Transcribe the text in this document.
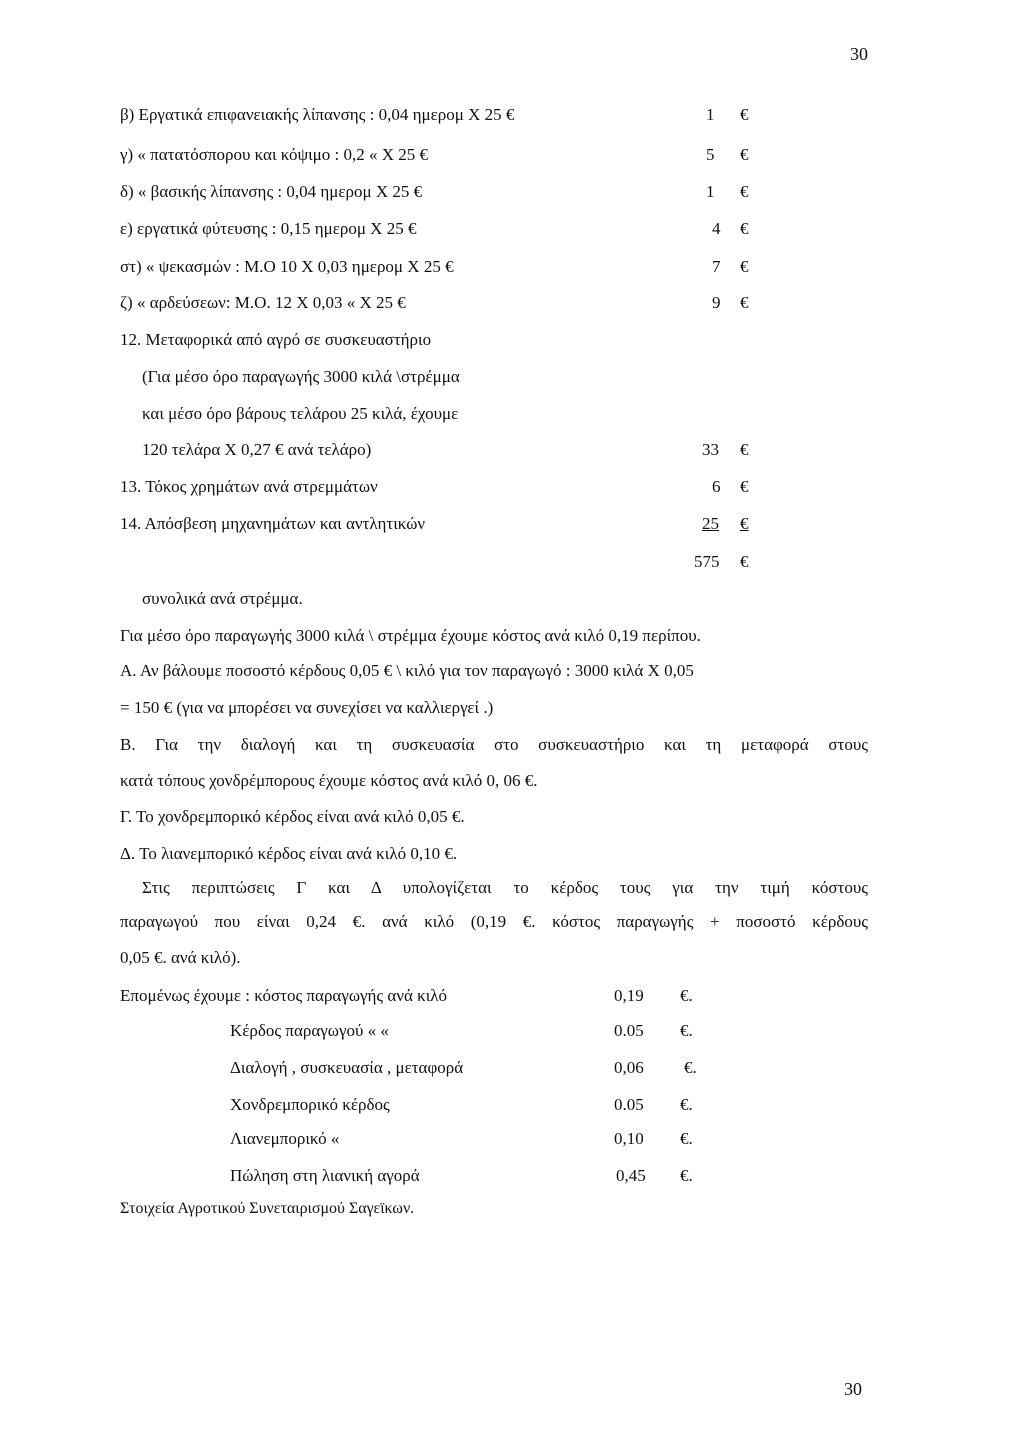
30
30
β) Εργατικά επιφανειακής λίπανσης : 0,04 ημερομ Χ 25 €	1 €
γ) « πατατόσπορου και κόψιμο : 0,2 « Χ 25 €	5 €
δ) « βασικής λίπανσης : 0,04 ημερομ Χ 25 €	1 €
ε) εργατικά φύτευσης : 0,15 ημερομ Χ 25 €	4 €
στ) « ψεκασμών : Μ.Ο 10 Χ 0,03 ημερομ Χ 25 €	7 €
ζ) « αρδεύσεων: Μ.Ο. 12 Χ 0,03 « Χ 25 €	9 €
12. Μεταφορικά από αγρό σε συσκευαστήριο
(Για μέσο όρο παραγωγής 3000 κιλά \στρέμμα
και μέσο όρο βάρους τελάρου 25 κιλά, έχουμε
120 τελάρα Χ 0,27 € ανά τελάρο)	33 €
13. Τόκος χρημάτων ανά στρεμμάτων	6 €
14. Απόσβεση μηχανημάτων και αντλητικών	25	€
575 €
συνολικά ανά στρέμμα.
Για μέσο όρο παραγωγής 3000 κιλά \ στρέμμα έχουμε κόστος ανά κιλό 0,19 περίπου.
Α. Αν βάλουμε ποσοστό κέρδους 0,05 € \ κιλό για τον παραγωγό : 3000 κιλά Χ 0,05
= 150 € (για να μπορέσει να συνεχίσει να καλλιεργεί .)
Β. Για την διαλογή και τη συσκευασία στο συσκευαστήριο και τη μεταφορά στους
κατά τόπους χονδρέμπορους έχουμε κόστος ανά κιλό 0, 06 €.
Γ. Το χονδρεμπορικό κέρδος είναι ανά κιλό 0,05 €.
Δ. Το λιανεμπορικό κέρδος είναι ανά κιλό 0,10 €.
Στις περιπτώσεις Γ και Δ υπολογίζεται το κέρδος τους για την τιμή κόστους
παραγωγού που είναι 0,24 €. ανά κιλό (0,19 €. κόστος παραγωγής + ποσοστό κέρδους
0,05 €. ανά κιλό).
Επομένως έχουμε : κόστος παραγωγής ανά κιλό	0,19 €.
Κέρδος παραγωγού « «	0.05 €.
Διαλογή , συσκευασία , μεταφορά	0,06 €.
Χονδρεμπορικό κέρδος	0.05 €.
Λιανεμπορικό «	0,10 €.
Πώληση στη λιανική αγορά	0,45 €.
Στοιχεία Αγροτικού Συνεταιρισμού Σαγεϊκων.
